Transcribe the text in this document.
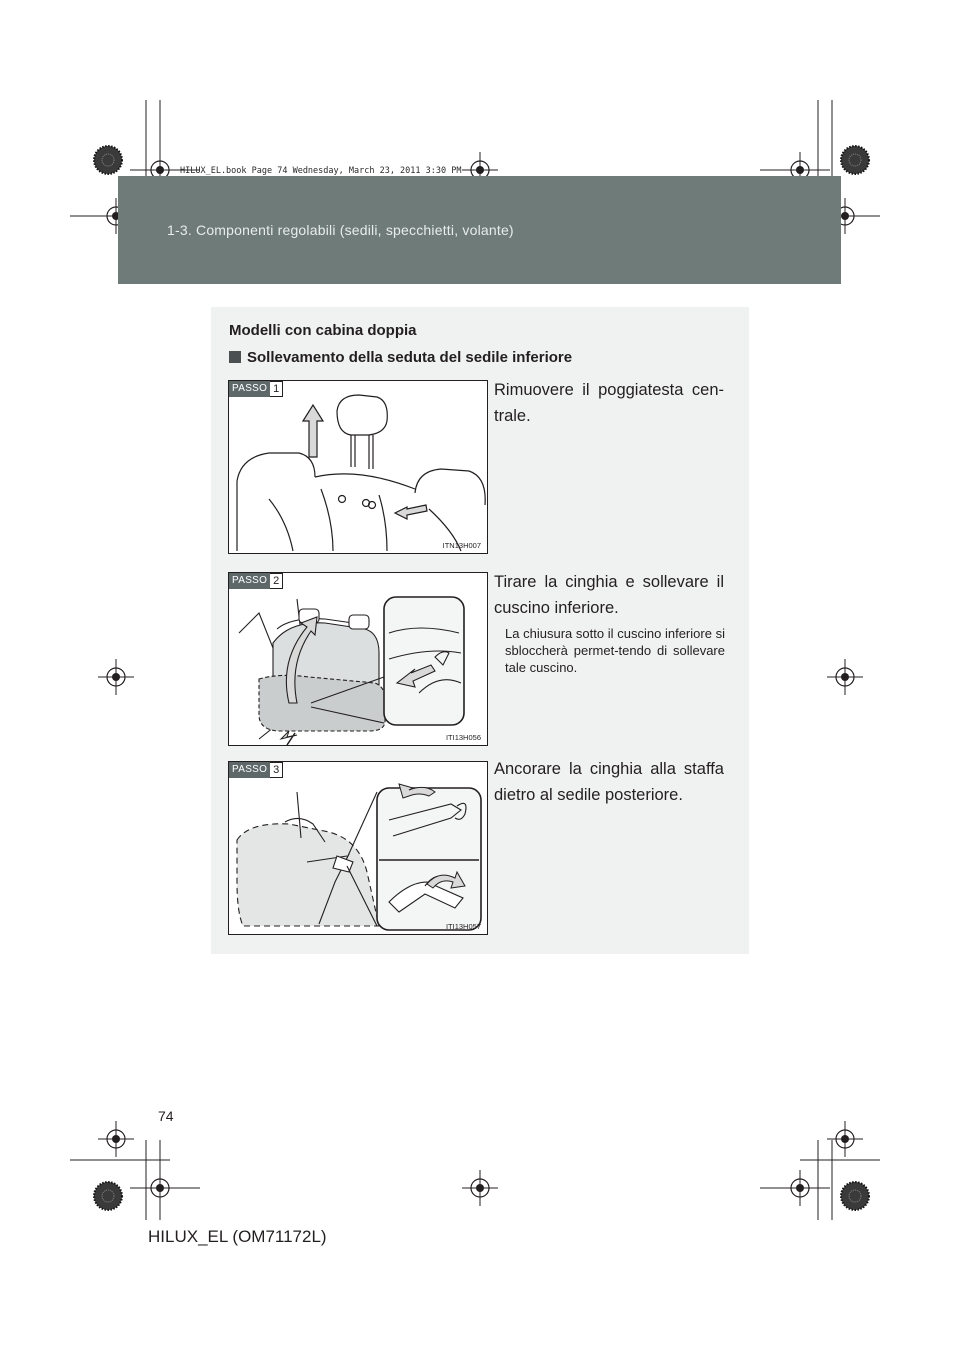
1-3. Componenti regolabili (sedili, specchietti, volante)
HILUX_EL.book Page 74 Wednesday, March 23, 2011 3:30 PM
Modelli con cabina doppia
Sollevamento della seduta del sedile inferiore
PASSO 1
ITN13H007
Rimuovere il poggiatesta cen-trale.
PASSO 2
ITI13H056
Tirare la cinghia e sollevare il cuscino inferiore.
La chiusura sotto il cuscino inferiore si sbloccherà permet-tendo di sollevare tale cuscino.
PASSO 3
ITI13H057
Ancorare la cinghia alla staffa dietro al sedile posteriore.
74
HILUX_EL (OM71172L)
